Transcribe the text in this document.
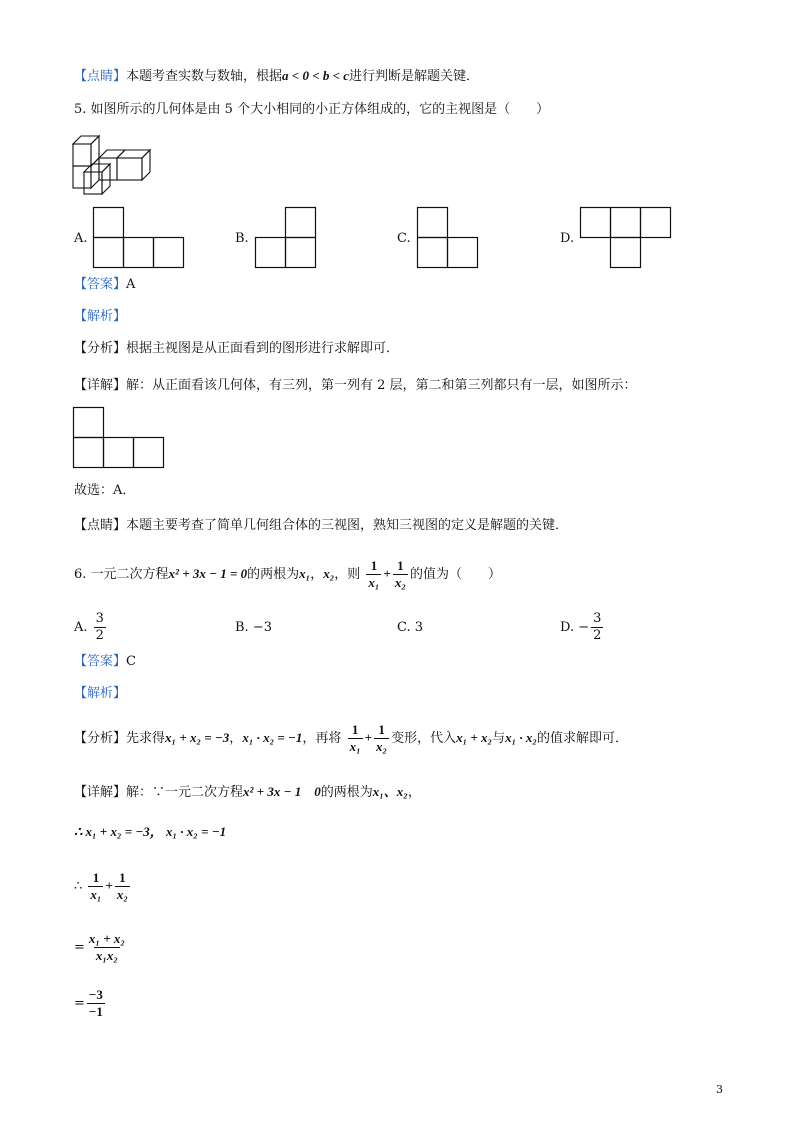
【点睛】本题考查实数与数轴，根据a < 0 < b < c进行判断是解题关键．
5. 如图所示的几何体是由 5 个大小相同的小正方体组成的，它的主视图是（　　）
A.	B.	C.	D.
【答案】A
【解析】
【分析】根据主视图是从正面看到的图形进行求解即可．
【详解】解：从正面看该几何体，有三列，第一列有 2 层，第二和第三列都只有一层，如图所示：
故选：A．
【点睛】本题主要考查了简单几何组合体的三视图，熟知三视图的定义是解题的关键．
6. 一元二次方程x² + 3x − 1 = 0的两根为x₁，x₂，则 $\frac{1}{\text{x₁}} + \frac{1}{\text{x₂}}$ 的值为（　　）
A. $\frac{3}{2}$	B. −3	C. 3	D. − $\frac{3}{2}$
【答案】C
【解析】
【分析】先求得x₁ + x₂ = −3，x₁ · x₂ = −1，再将 $\frac{1}{\text{x₁}} + \frac{1}{\text{x₂}}$ 变形，代入x₁ + x₂与x₁ · x₂的值求解即可．
【详解】解：∵一元二次方程x² + 3x − 1　0的两根为x₁、x₂，
∴ x₁ + x₂ = −3， x₁ · x₂ = −1
∴ $\frac{1}{\text{x₁}} + \frac{1}{\text{x₂}}$
= $\frac{\text{x₁ + x₂}}{\text{x₁x₂}}$
= $\frac{-3}{-1}$
3
